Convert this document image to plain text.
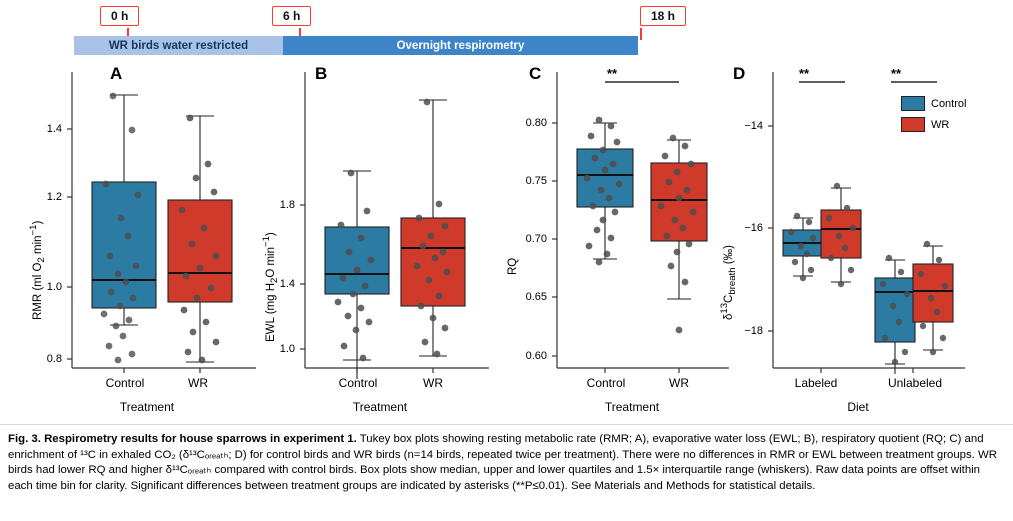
0 h	6 h	18 h
WR birds water restricted	Overnight respirometry
A
RMR (ml $O_2$ $\min^{-1}$)
0.8
1.0
1.2
1.4
Control	WR
Treatment
B
EWL (mg $H_2O$ $\min^{-1}$)
1.0
1.4
1.8
Control	WR
Treatment
C
RQ
0.60
0.65
0.70
0.75
0.80
**
Control	WR
Treatment
D
$\delta^{13}C_{breath}$ (‰)
−14
−16
−18
**	**
Labeled	Unlabeled
Diet
Control
WR
Fig. 3. Respirometry results for house sparrows in experiment 1. Tukey box plots showing resting metabolic rate (RMR; A), evaporative water loss (EWL; B), respiratory quotient (RQ; C) and enrichment of ¹³C in exhaled CO₂ (δ¹³Cₒᵣₑₐₜₕ; D) for control birds and WR birds (n=14 birds, repeated twice per treatment). There were no differences in RMR or EWL between treatment groups. WR birds had lower RQ and higher δ¹³Cₒᵣₑₐₜₕ compared with control birds. Box plots show median, upper and lower quartiles and 1.5× interquartile range (whiskers). Raw data points are offset within each time bin for clarity. Significant differences between treatment groups are indicated by asterisks (**P≤0.01). See Materials and Methods for statistical details.
